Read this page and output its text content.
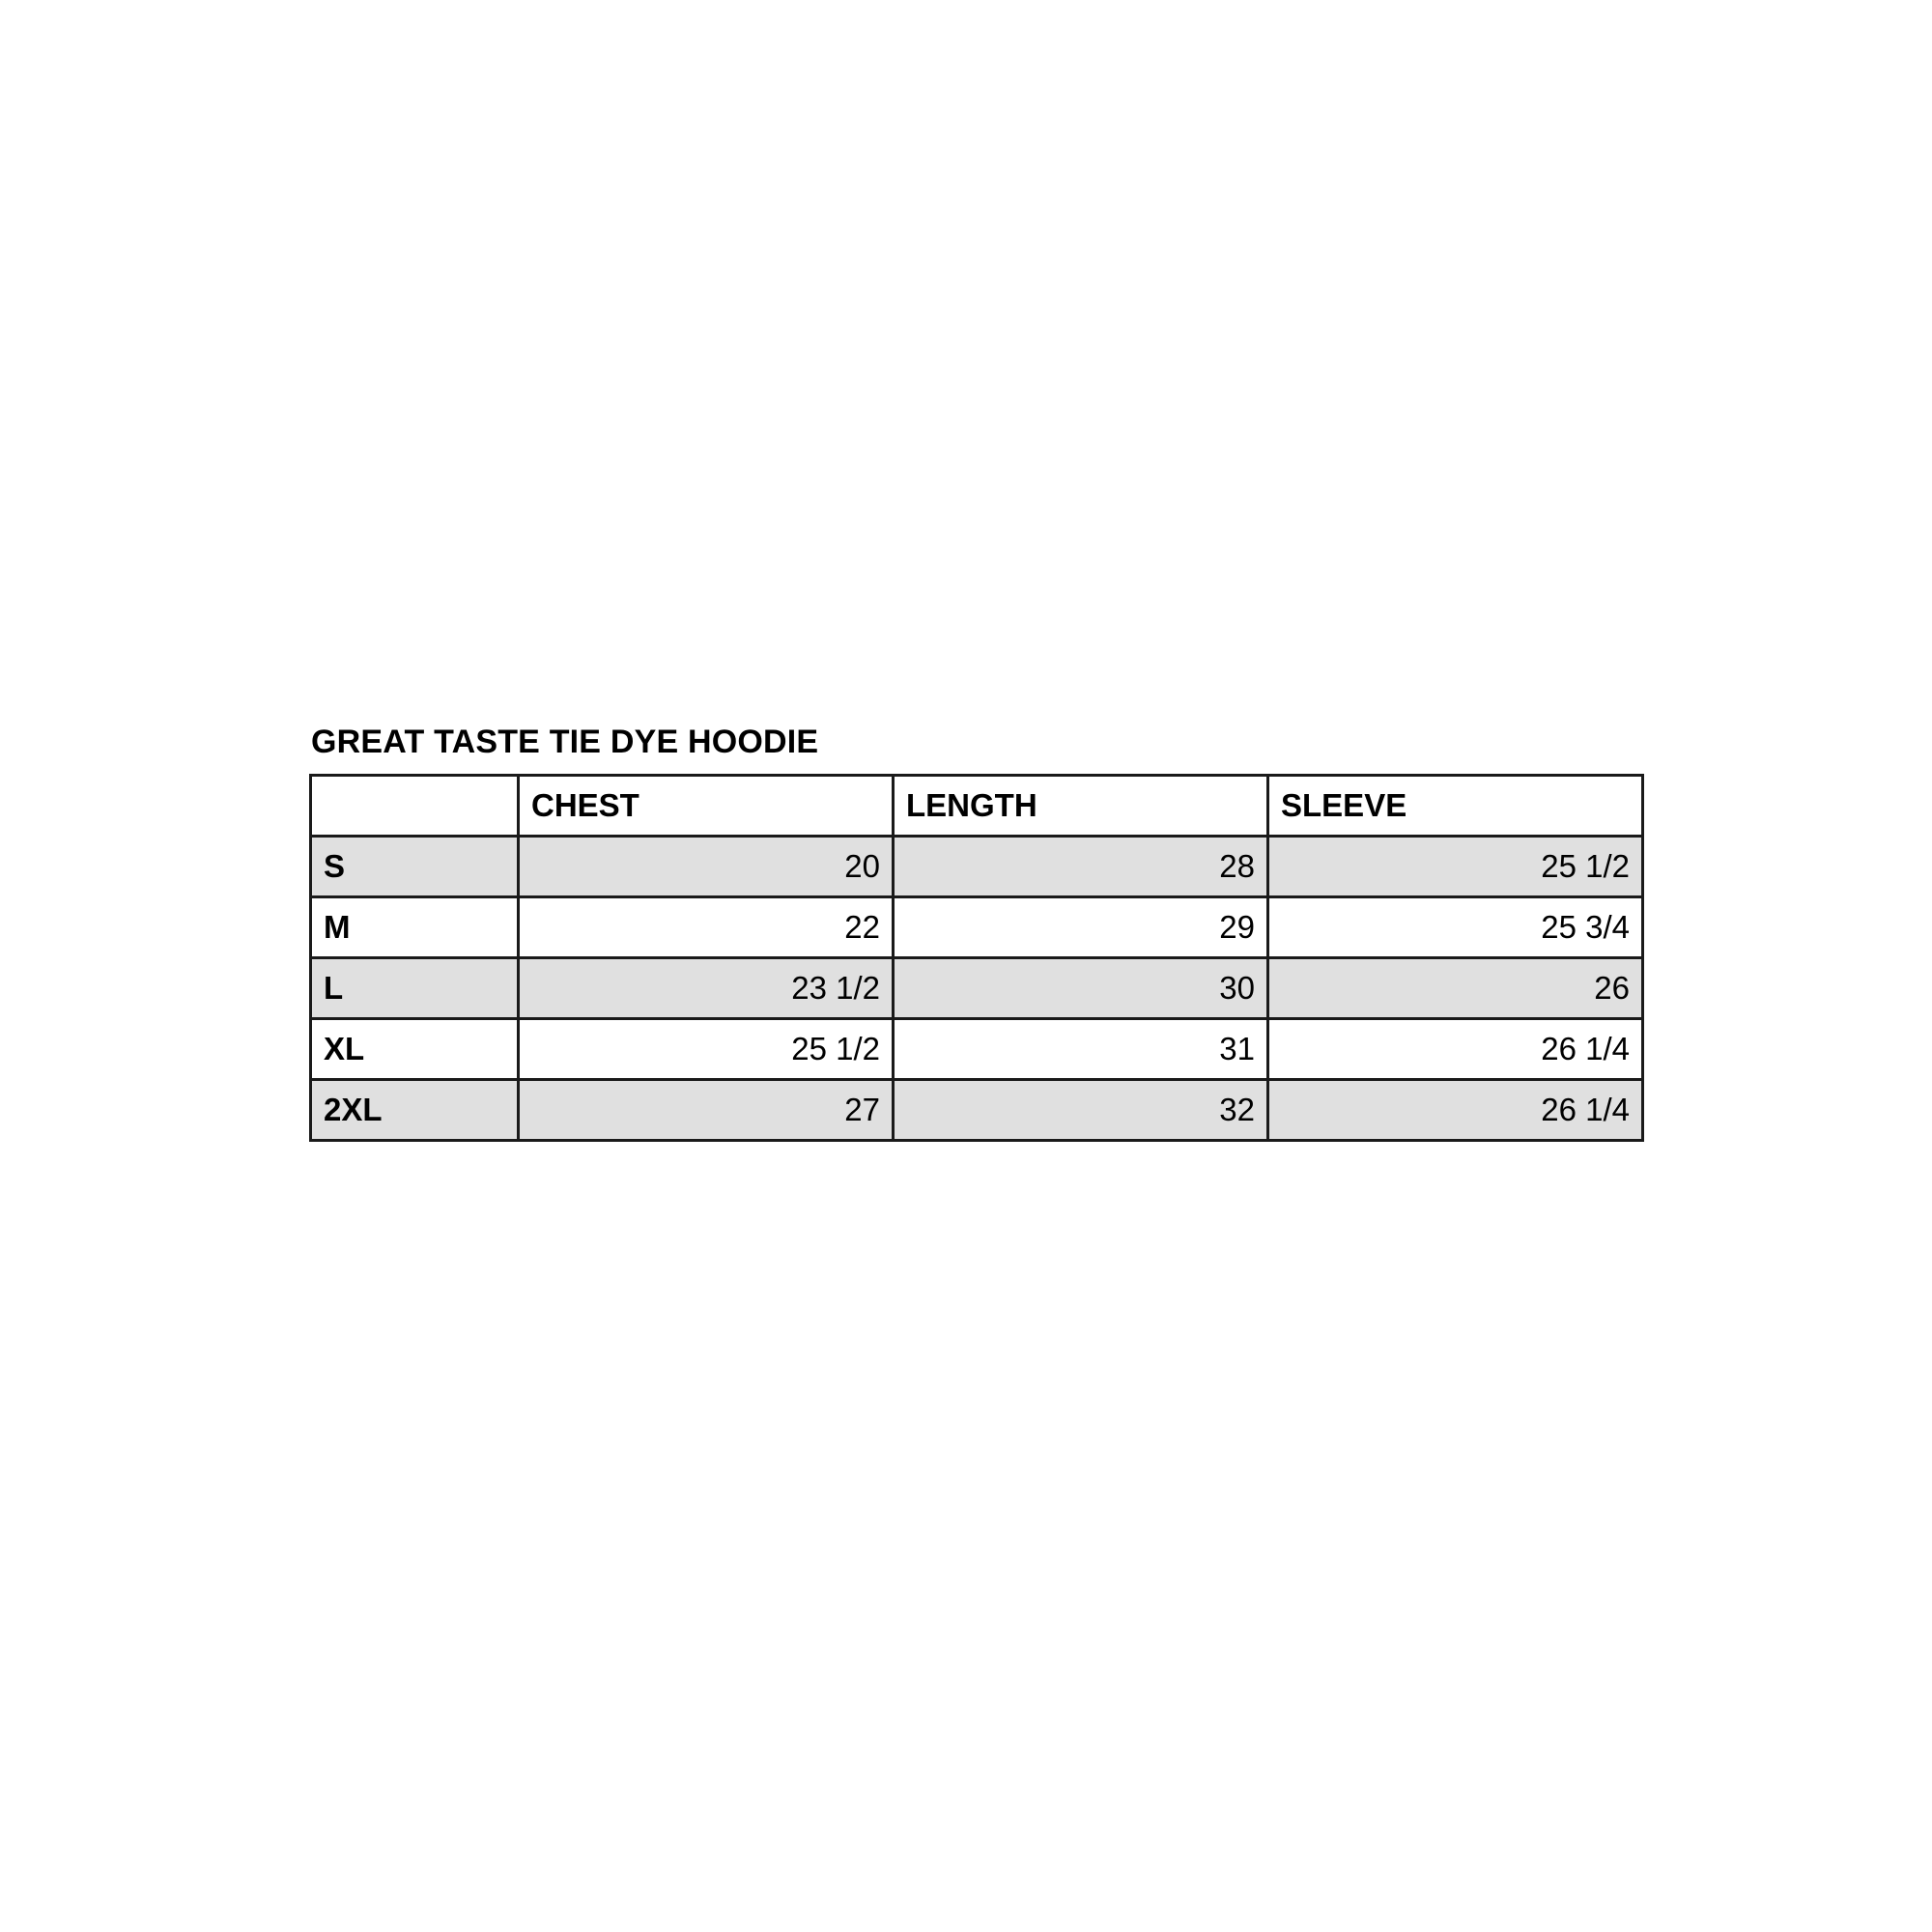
GREAT TASTE TIE DYE HOODIE
	CHEST	LENGTH	SLEEVE
S	20	28	25 1/2
M	22	29	25 3/4
L	23 1/2	30	26
XL	25 1/2	31	26 1/4
2XL	27	32	26 1/4
